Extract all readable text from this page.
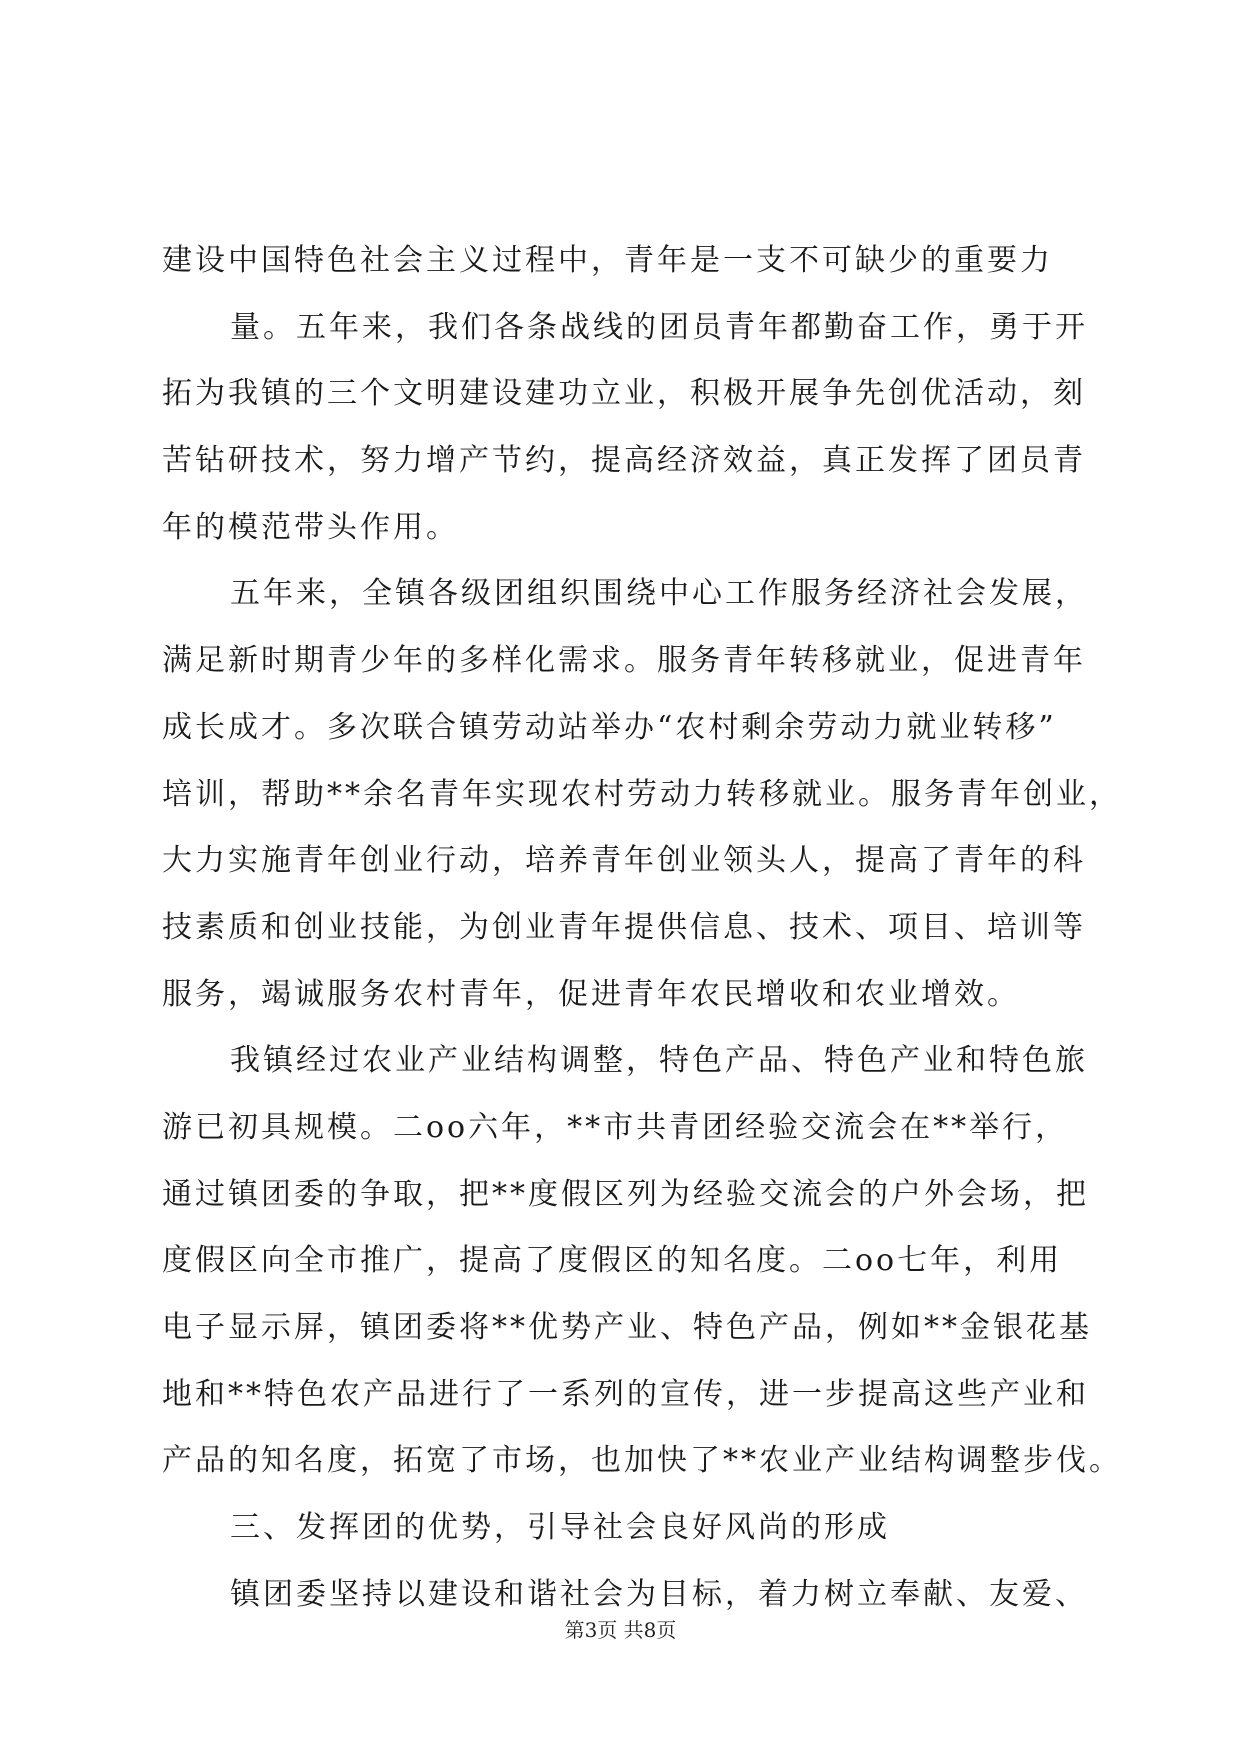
建设中国特色社会主义过程中，青年是一支不可缺少的重要力
量。五年来，我们各条战线的团员青年都勤奋工作，勇于开
拓为我镇的三个文明建设建功立业，积极开展争先创优活动，刻
苦钻研技术，努力增产节约，提高经济效益，真正发挥了团员青
年的模范带头作用。
五年来，全镇各级团组织围绕中心工作服务经济社会发展，
满足新时期青少年的多样化需求。服务青年转移就业，促进青年
成长成才。多次联合镇劳动站举办“农村剩余劳动力就业转移”
培训，帮助**余名青年实现农村劳动力转移就业。服务青年创业，
大力实施青年创业行动，培养青年创业领头人，提高了青年的科
技素质和创业技能，为创业青年提供信息、技术、项目、培训等
服务，竭诚服务农村青年，促进青年农民增收和农业增效。
我镇经过农业产业结构调整，特色产品、特色产业和特色旅
游已初具规模。二oo六年，**市共青团经验交流会在**举行，
通过镇团委的争取，把**度假区列为经验交流会的户外会场，把
度假区向全市推广，提高了度假区的知名度。二oo七年，利用
电子显示屏，镇团委将**优势产业、特色产品，例如**金银花基
地和**特色农产品进行了一系列的宣传，进一步提高这些产业和
产品的知名度，拓宽了市场，也加快了**农业产业结构调整步伐。
三、发挥团的优势，引导社会良好风尚的形成
镇团委坚持以建设和谐社会为目标，着力树立奉献、友爱、
第3页 共8页
